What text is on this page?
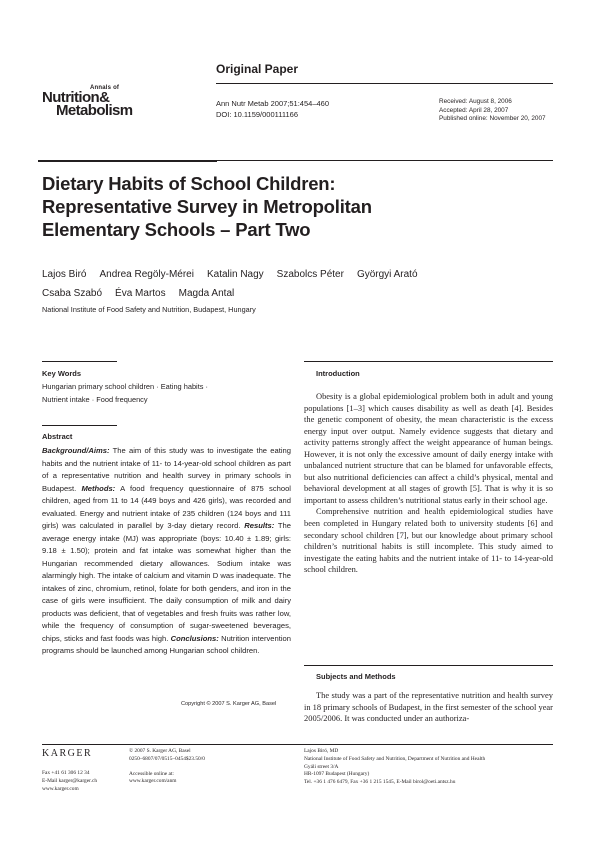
Annals of
Nutrition&
Metabolism
Original Paper
Ann Nutr Metab 2007;51:454–460
DOI: 10.1159/000111166
Received: August 8, 2006
Accepted: April 28, 2007
Published online: November 20, 2007
Dietary Habits of School Children:
Representative Survey in Metropolitan
Elementary Schools – Part Two
Lajos Biró Andrea Regöly-Mérei Katalin Nagy Szabolcs Péter Györgyi Arató
Csaba Szabó Éva Martos Magda Antal
National Institute of Food Safety and Nutrition, Budapest, Hungary
Key Words
Hungarian primary school children · Eating habits ·
Nutrient intake · Food frequency
Abstract
Background/Aims: The aim of this study was to investigate the eating habits and the nutrient intake of 11- to 14-year-old school children as part of a representative nutrition and health survey in primary schools in Budapest. Methods: A food frequency questionnaire of 875 school children, aged from 11 to 14 (449 boys and 426 girls), was recorded and evaluated. Energy and nutrient intake of 235 children (124 boys and 111 girls) was calculated in parallel by 3-day dietary record. Results: The average energy intake (MJ) was appropriate (boys: 10.40 ± 1.89; girls: 9.18 ± 1.50); protein and fat intake was somewhat higher than the Hungarian recommended dietary allowances. Sodium intake was alarmingly high. The intake of calcium and vitamin D was inadequate. The intakes of zinc, chromium, retinol, folate for both genders, and iron in the case of girls were insufficient. The daily consumption of milk and dairy products was deficient, that of vegetables and fresh fruits was rather low, while the frequency of consumption of sugar-sweetened beverages, chips, sticks and fast foods was high. Conclusions: Nutrition intervention programs should be launched among Hungarian school children.
Copyright © 2007 S. Karger AG, Basel
Introduction

Obesity is a global epidemiological problem both in adult and young populations [1–3] which causes disability as well as death [4]. Besides the genetic component of obesity, the mean characteristic is the excess energy input over output. Namely evidence suggests that dietary and activity patterns strongly affect the weight appearance of human beings. However, it is not only the excessive amount of daily energy intake with unbalanced nutrient structure that can be blamed for unfavorable effects, but also nutritional deficiencies can affect a child’s physical, mental and behavioral development at all stages of growth [5]. That is why it is so important to assess children’s nutritional status early in their school age.

Comprehensive nutrition and health epidemiological studies have been completed in Hungary related both to university students [6] and secondary school children [7], but our knowledge about primary school children’s nutritional habits is still incomplete. This study aimed to investigate the eating habits and the nutrient intake of 11- to 14-year-old school children.

Subjects and Methods

The study was a part of the representative nutrition and health survey in 18 primary schools of Budapest, in the first semester of the school year 2005/2006. It was conducted under an authoriza-

KARGER
Fax +41 61 306 12 34
E-Mail karger@karger.ch
www.karger.com
© 2007 S. Karger AG, Basel
0250–6807/07/0515–0454$23.50/0
Accessible online at:
www.karger.com/anm
Lajos Biró, MD
National Institute of Food Safety and Nutrition, Department of Nutrition and Health
Gyáli street 3/A
HR-1097 Budapest (Hungary)
Tel. +36 1 476 6479, Fax +36 1 215 1545, E-Mail birol@oeti.antsz.hu
